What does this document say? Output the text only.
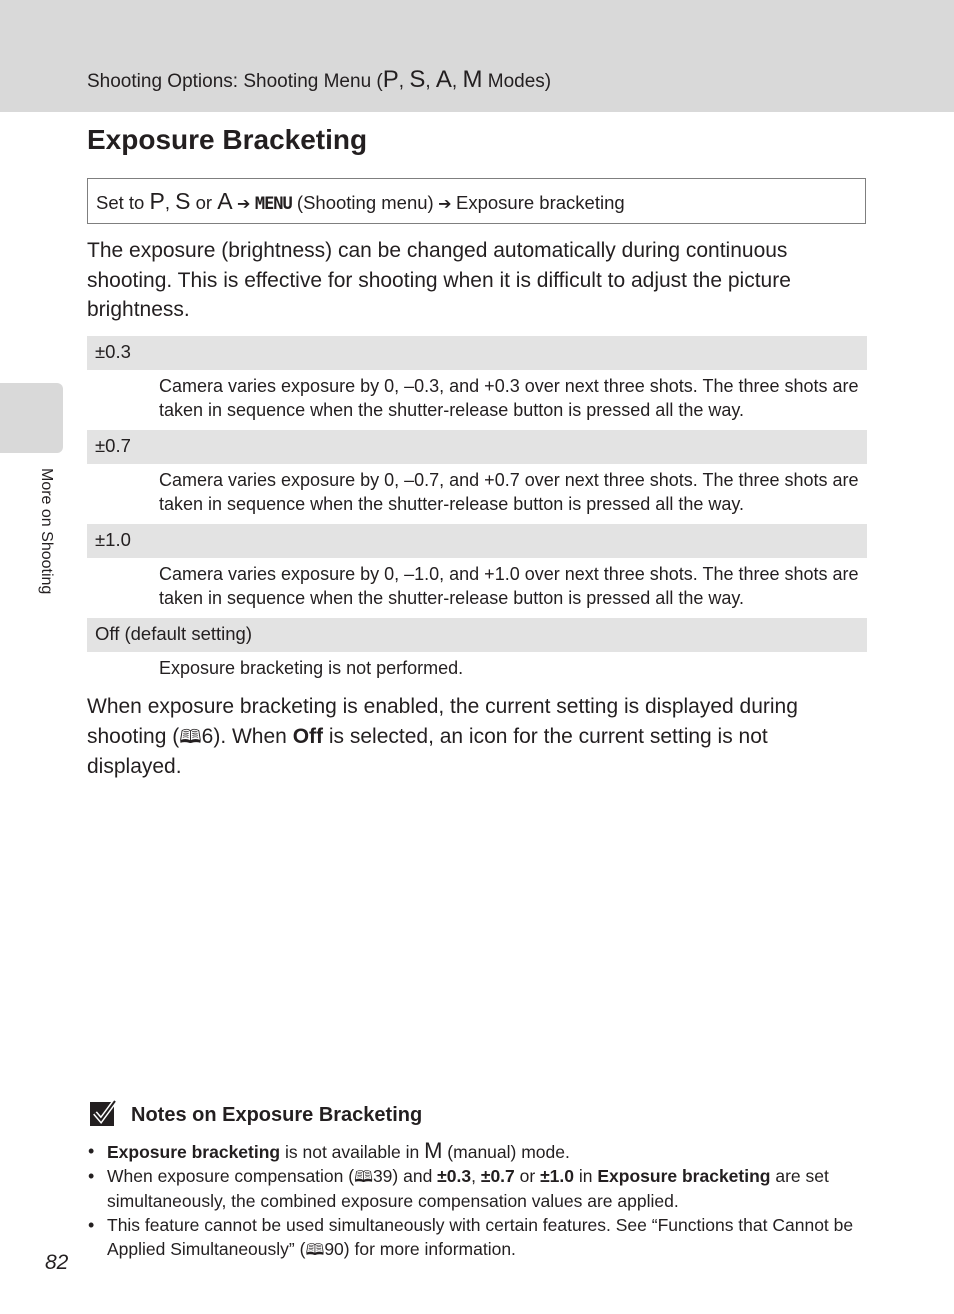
Shooting Options: Shooting Menu (P, S, A, M Modes)
Exposure Bracketing
Set to P, S or A ➔ MENU (Shooting menu) ➔ Exposure bracketing

The exposure (brightness) can be changed automatically during continuous shooting. This is effective for shooting when it is difficult to adjust the picture brightness.

±0.3
Camera varies exposure by 0, –0.3, and +0.3 over next three shots. The three shots are taken in sequence when the shutter-release button is pressed all the way.
±0.7
Camera varies exposure by 0, –0.7, and +0.7 over next three shots. The three shots are taken in sequence when the shutter-release button is pressed all the way.
±1.0
Camera varies exposure by 0, –1.0, and +1.0 over next three shots. The three shots are taken in sequence when the shutter-release button is pressed all the way.
Off (default setting)
Exposure bracketing is not performed.

When exposure bracketing is enabled, the current setting is displayed during shooting (🕮6). When Off is selected, an icon for the current setting is not displayed.

More on Shooting
Notes on Exposure Bracketing
• Exposure bracketing is not available in M (manual) mode.
• When exposure compensation (🕮39) and ±0.3, ±0.7 or ±1.0 in Exposure bracketing are set simultaneously, the combined exposure compensation values are applied.
• This feature cannot be used simultaneously with certain features. See “Functions that Cannot be Applied Simultaneously” (🕮90) for more information.
82
